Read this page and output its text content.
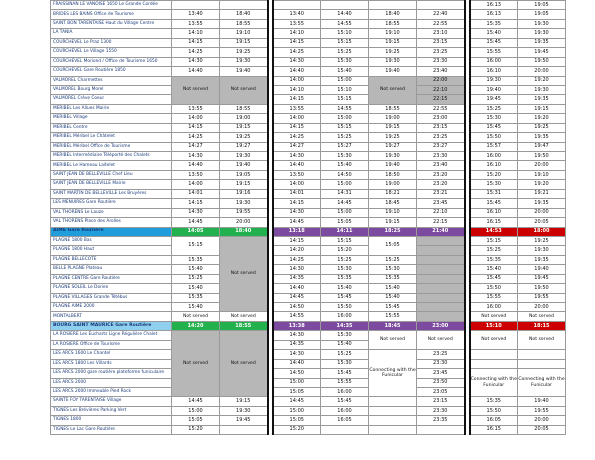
FRAISSINAN LE VANOISE 1650 Le Grande Cordée									16:13	19:05
BRIDES LES BAINS Office de Tourisme	13:40	18:40		13:40	14:40	18:40	22:40		16:13	19:05
SAINT BON TARENTAISE Haut du Village Centre	13:55	18:55		13:55	14:55	18:55	22:55		15:35	19:30
LA TANIA	14:10	19:10		14:10	15:10	19:10	23:10		15:40	19:30
COURCHEVEL Le Praz 1300	14:15	19:15		14:15	15:15	19:15	23:15		15:45	19:35
COURCHEVEL Le Village 1550	14:25	19:25		14:25	15:25	19:25	23:25		15:55	19:45
COURCHEVEL Moriond / Office de Tourisme 1650	14:30	19:30		14:30	15:30	19:30	23:30		16:00	19:50
COURCHEVEL Gare Routière 1850	14:40	19:40		14:40	15:40	19:40	23:40		16:10	20:00
VALMOREL Charmettes	Not served	Not served		14:00	15:00	Not served	22:00		19:30	19:20
VALMOREL Bourg Morel				14:10	15:10		22:10		19:40	19:30
VALMOREL Crève Coeur				14:15	15:15		22:15		19:45	19:35
MERIBEL Les Allues Mairie	13:55	18:55		13:55	14:55	18:55	22:55		15:25	19:15
MERIBEL Village	14:00	19:00		14:00	15:00	19:00	23:00		15:30	19:20
MERIBEL Centre	14:15	19:15		14:15	15:15	19:15	23:15		15:45	19:25
MERIBEL Méribel Le Châtelet	14:25	19:25		14:25	15:25	19:25	23:25		15:50	19:35
MERIBEL Méribel Office de Tourisme	14:27	19:27		14:27	15:27	19:27	23:27		15:57	19:47
MERIBEL Intermédiaire Téléporté des Chalets	14:30	19:30		14:30	15:30	19:30	23:30		16:00	19:50
MERIBEL Le Hameau Laitelet	14:40	19:40		14:40	15:40	19:40	23:40		16:10	20:00
SAINT JEAN DE BELLEVILLE Chef Lieu	13:50	19:05		13:50	14:50	18:50	23:20		15:20	19:10
SAINT JEAN DE BELLEVILLE Mairie	14:00	19:15		14:00	15:00	19:00	23:20		15:30	19:20
SAINT MARTIN DE BELLEVILLE Les Bruyères	14:01	19:16		14:01	14:31	18:21	23:21		15:31	19:21
LES MENUIRES Gare Routière	14:15	19:30		14:15	14:45	18:45	23:45		15:45	19:35
VAL THORENS Le Lauze	14:30	19:55		14:30	15:00	19:10	22:10		16:10	20:00
VAL THORENS Place des Arolles	14:45	20:00		14:45	15:05	19:15	22:15		16:15	20:05
AIME Gare Routière	14:05	18:40		13:18	14:11	18:25	21:40		14:53	18:00
PLAGNE 1800 Bas	15:15	Not served		14:15	15:15	15:05			15:15	19:25
PLAGNE 1800 Haut				14:20	15:20				15:25	19:30
PLAGNE BELLECOTE	15:35			14:25	15:25	15:25			15:35	19:35
BELLE PLAGNE Plateau	15:40			14:30	15:30	15:30			15:40	19:40
PLAGNE CENTRE Gare Routière	15:25			14:35	15:35	15:35			15:45	19:45
PLAGNE SOLEIL Le Dorien	15:40			14:40	15:40	15:40			15:50	19:50
PLAGNE VILLAGES Grande Tétébus	15:35			14:45	15:45	15:40			15:55	19:55
PLAGNE AIME 2000	15:40			14:50	15:50	15:45			16:00	20:00
MONTALBERT	Not served	Not served		14:55	16:00	15:55			Not served	Not served
BOURG SAINT MAURICE Gare Routière	14:20	18:55		13:38	14:35	18:45	23:00		15:10	18:15
LA ROSIERE Les Eucharts Ligne Régulière Chalet	Not served	Not served		14:30	15:30	Not served	Not served		Not served	Not served
LA ROSIERE Office de Tourisme				14:35	15:40					
LES ARCS 1600 Le Chantel				14:30	15:25	Connecting with the Funicular	23:25			
LES ARCS 1800 Les Villards				14:40	15:30		23:30			
LES ARCS 2000 gare routière plateforme funiculaire				14:50	15:45		23:45		Connecting with the Funicular	Connecting with the Funicular
LES ARCS 2000				15:00	15:55		23:50			
LES ARCS 2000 Immeuble Pied Rock				15:05	16:00		23:05			
SAINTE FOY TARENTAISE Village	14:45	19:15		14:45	15:45		23:15		15:35	19:40
TIGNES Les Brévières Parking Vert	15:00	19:30		15:00	16:00		23:30		15:50	19:55
TIGNES 1800	15:05	19:45		15:05	16:05		23:35		16:05	20:00
TIGNES Le Lac Gare Routière	15:20			15:20					16:15	20:05
